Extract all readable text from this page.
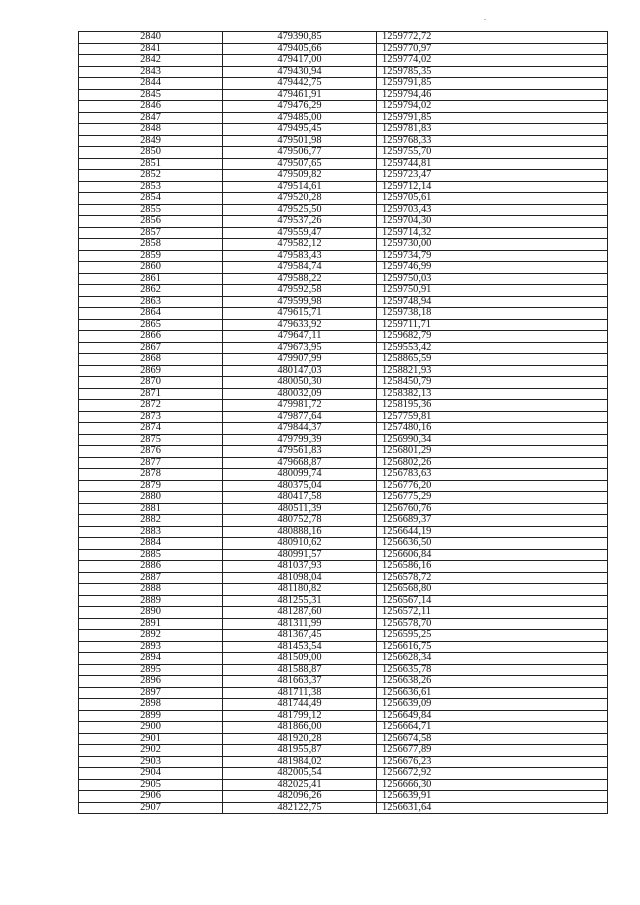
2840	479390,85	1259772,72
2841	479405,66	1259770,97
2842	479417,00	1259774,02
2843	479430,94	1259785,35
2844	479442,75	1259791,85
2845	479461,91	1259794,46
2846	479476,29	1259794,02
2847	479485,00	1259791,85
2848	479495,45	1259781,83
2849	479501,98	1259768,33
2850	479506,77	1259755,70
2851	479507,65	1259744,81
2852	479509,82	1259723,47
2853	479514,61	1259712,14
2854	479520,28	1259705,61
2855	479525,50	1259703,43
2856	479537,26	1259704,30
2857	479559,47	1259714,32
2858	479582,12	1259730,00
2859	479583,43	1259734,79
2860	479584,74	1259746,99
2861	479588,22	1259750,03
2862	479592,58	1259750,91
2863	479599,98	1259748,94
2864	479615,71	1259738,18
2865	479633,92	1259711,71
2866	479647,11	1259682,79
2867	479673,95	1259553,42
2868	479907,99	1258865,59
2869	480147,03	1258821,93
2870	480050,30	1258450,79
2871	480032,09	1258382,13
2872	479981,72	1258195,36
2873	479877,64	1257759,81
2874	479844,37	1257480,16
2875	479799,39	1256990,34
2876	479561,83	1256801,29
2877	479668,87	1256802,26
2878	480099,74	1256783,63
2879	480375,04	1256776,20
2880	480417,58	1256775,29
2881	480511,39	1256760,76
2882	480752,78	1256689,37
2883	480888,16	1256644,19
2884	480910,62	1256636,50
2885	480991,57	1256606,84
2886	481037,93	1256586,16
2887	481098,04	1256578,72
2888	481180,82	1256568,80
2889	481255,31	1256567,14
2890	481287,60	1256572,11
2891	481311,99	1256578,70
2892	481367,45	1256595,25
2893	481453,54	1256616,75
2894	481509,00	1256628,34
2895	481588,87	1256635,78
2896	481663,37	1256638,26
2897	481711,38	1256636,61
2898	481744,49	1256639,09
2899	481799,12	1256649,84
2900	481866,00	1256664,71
2901	481920,28	1256674,58
2902	481955,87	1256677,89
2903	481984,02	1256676,23
2904	482005,54	1256672,92
2905	482025,41	1256666,30
2906	482096,26	1256639,91
2907	482122,75	1256631,64
